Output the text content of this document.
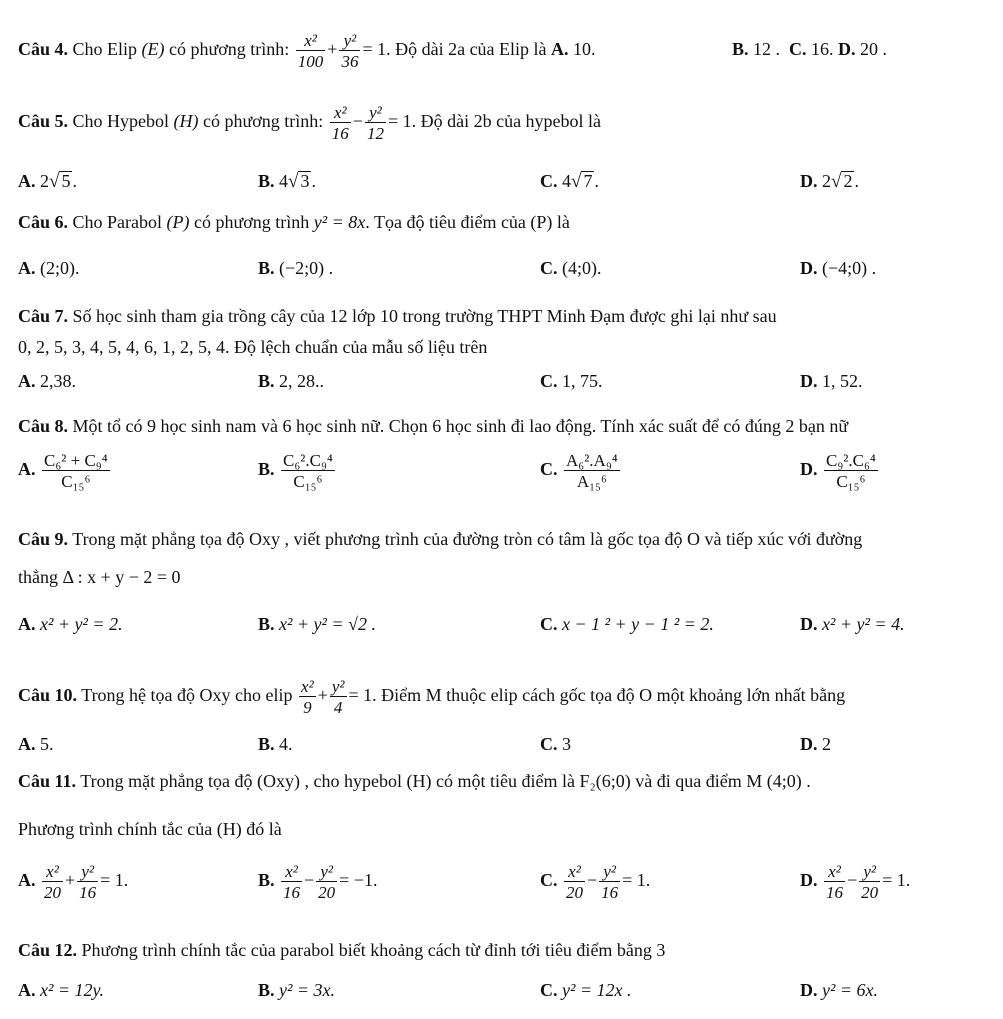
Câu 4. Cho Elip (E) có phương trình: $\frac{\text{x²}}{100} + \frac{\text{y²}}{36} = 1$. Độ dài 2a của Elip là A. 10.	B. 12 . C. 16. D. 20 .
Câu 5. Cho Hypebol (H) có phương trình: $\frac{\text{x²}}{16} - \frac{\text{y²}}{12} = 1$. Độ dài 2b của hypebol là
A. 2√ 5 .	B. 4√ 3 .	C. 4√ 7 .	D. 2√ 2 .
Câu 6. Cho Parabol (P) có phương trình y² = 8x. Tọa độ tiêu điểm của (P) là
A. (2;0).	B. (−2;0) .	C. (4;0).	D. (−4;0) .
Câu 7. Số học sinh tham gia trồng cây của 12 lớp 10 trong trường THPT Minh Đạm được ghi lại như sau
0, 2, 5, 3, 4, 5, 4, 6, 1, 2, 5, 4. Độ lệch chuẩn của mẫu số liệu trên
A. 2,38.	B. 2, 28..	C. 1, 75.	D. 1, 52.
Câu 8. Một tổ có 9 học sinh nam và 6 học sinh nữ. Chọn 6 học sinh đi lao động. Tính xác suất để có đúng 2 bạn nữ
A. $\frac{\text{C₆² + C₉⁴}}{\text{C₁₅⁶}}$	B. $\frac{\text{C₆².C₉⁴}}{\text{C₁₅⁶}}$	C. $\frac{\text{A₆².A₉⁴}}{\text{A₁₅⁶}}$	D. $\frac{\text{C₉².C₆⁴}}{\text{C₁₅⁶}}$
Câu 9. Trong mặt phẳng tọa độ Oxy , viết phương trình của đường tròn có tâm là gốc tọa độ O và tiếp xúc với đường
thẳng Δ : x + y − 2 = 0
A. x² + y² = 2.	B. x² + y² = √2 .	C. x − 1 ² + y − 1 ² = 2.	D. x² + y² = 4.
Câu 10. Trong hệ tọa độ Oxy cho elip $\frac{\text{x²}}{9} + \frac{\text{y²}}{4} = 1$. Điểm M thuộc elip cách gốc tọa độ O một khoảng lớn nhất bằng
A. 5.	B. 4.	C. 3	D. 2
Câu 11. Trong mặt phẳng tọa độ (Oxy) , cho hypebol (H) có một tiêu điểm là F₂(6;0) và đi qua điểm M (4;0) .
Phương trình chính tắc của (H) đó là
A. $\frac{\text{x²}}{20} + \frac{\text{y²}}{16} = 1$.	B. $\frac{\text{x²}}{16} - \frac{\text{y²}}{20} = -1$.	C. $\frac{\text{x²}}{20} - \frac{\text{y²}}{16} = 1$.	D. $\frac{\text{x²}}{16} - \frac{\text{y²}}{20} = 1$.
Câu 12. Phương trình chính tắc của parabol biết khoảng cách từ đỉnh tới tiêu điểm bằng 3
A. x² = 12y.	B. y² = 3x.	C. y² = 12x .	D. y² = 6x.
